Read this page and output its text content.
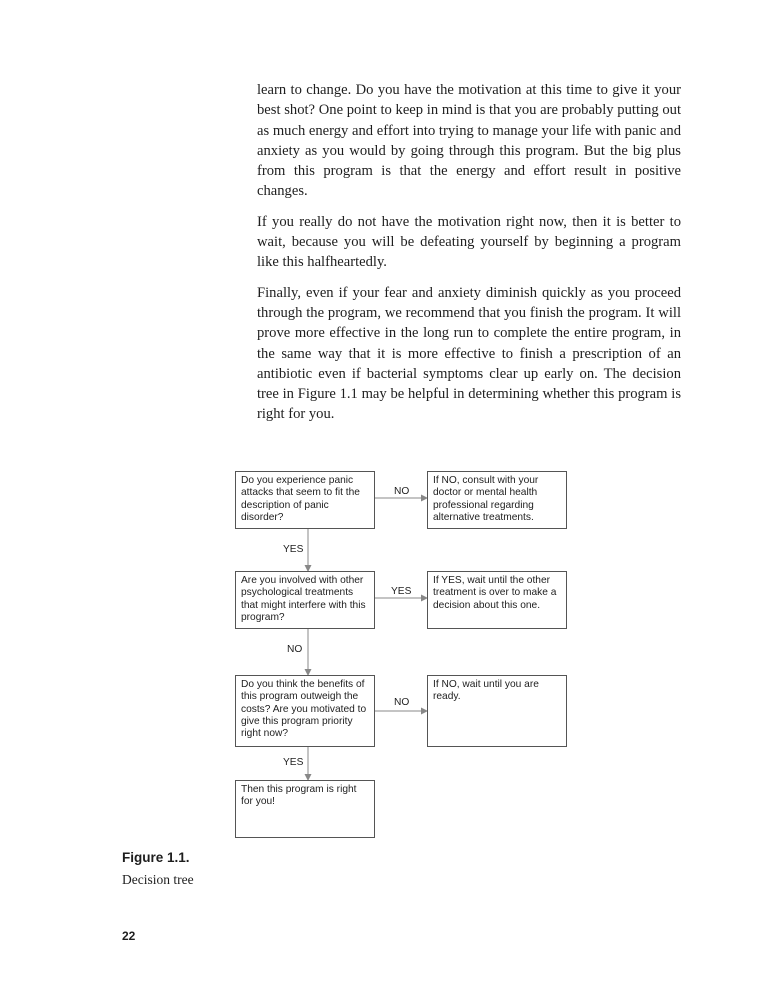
learn to change. Do you have the motivation at this time to give it your best shot? One point to keep in mind is that you are probably putting out as much energy and effort into trying to manage your life with panic and anxiety as you would by going through this program. But the big plus from this program is that the energy and effort result in positive changes.

If you really do not have the motivation right now, then it is better to wait, because you will be defeating yourself by beginning a program like this halfheartedly.

Finally, even if your fear and anxiety diminish quickly as you proceed through the program, we recommend that you finish the program. It will prove more effective in the long run to complete the entire program, in the same way that it is more effective to finish a prescription of an antibiotic even if bacterial symptoms clear up early on. The decision tree in Figure 1.1 may be helpful in determining whether this program is right for you.

Do you experience panic attacks that seem to fit the description of panic disorder?
NO
If NO, consult with your doctor or mental health professional regarding alternative treatments.
YES
Are you involved with other psychological treatments that might interfere with this program?
YES
If YES, wait until the other treatment is over to make a decision about this one.
NO
Do you think the benefits of this program outweigh the costs? Are you motivated to give this program priority right now?
NO
If NO, wait until you are ready.
YES
Then this program is right for you!
Figure 1.1.
Decision tree
22
